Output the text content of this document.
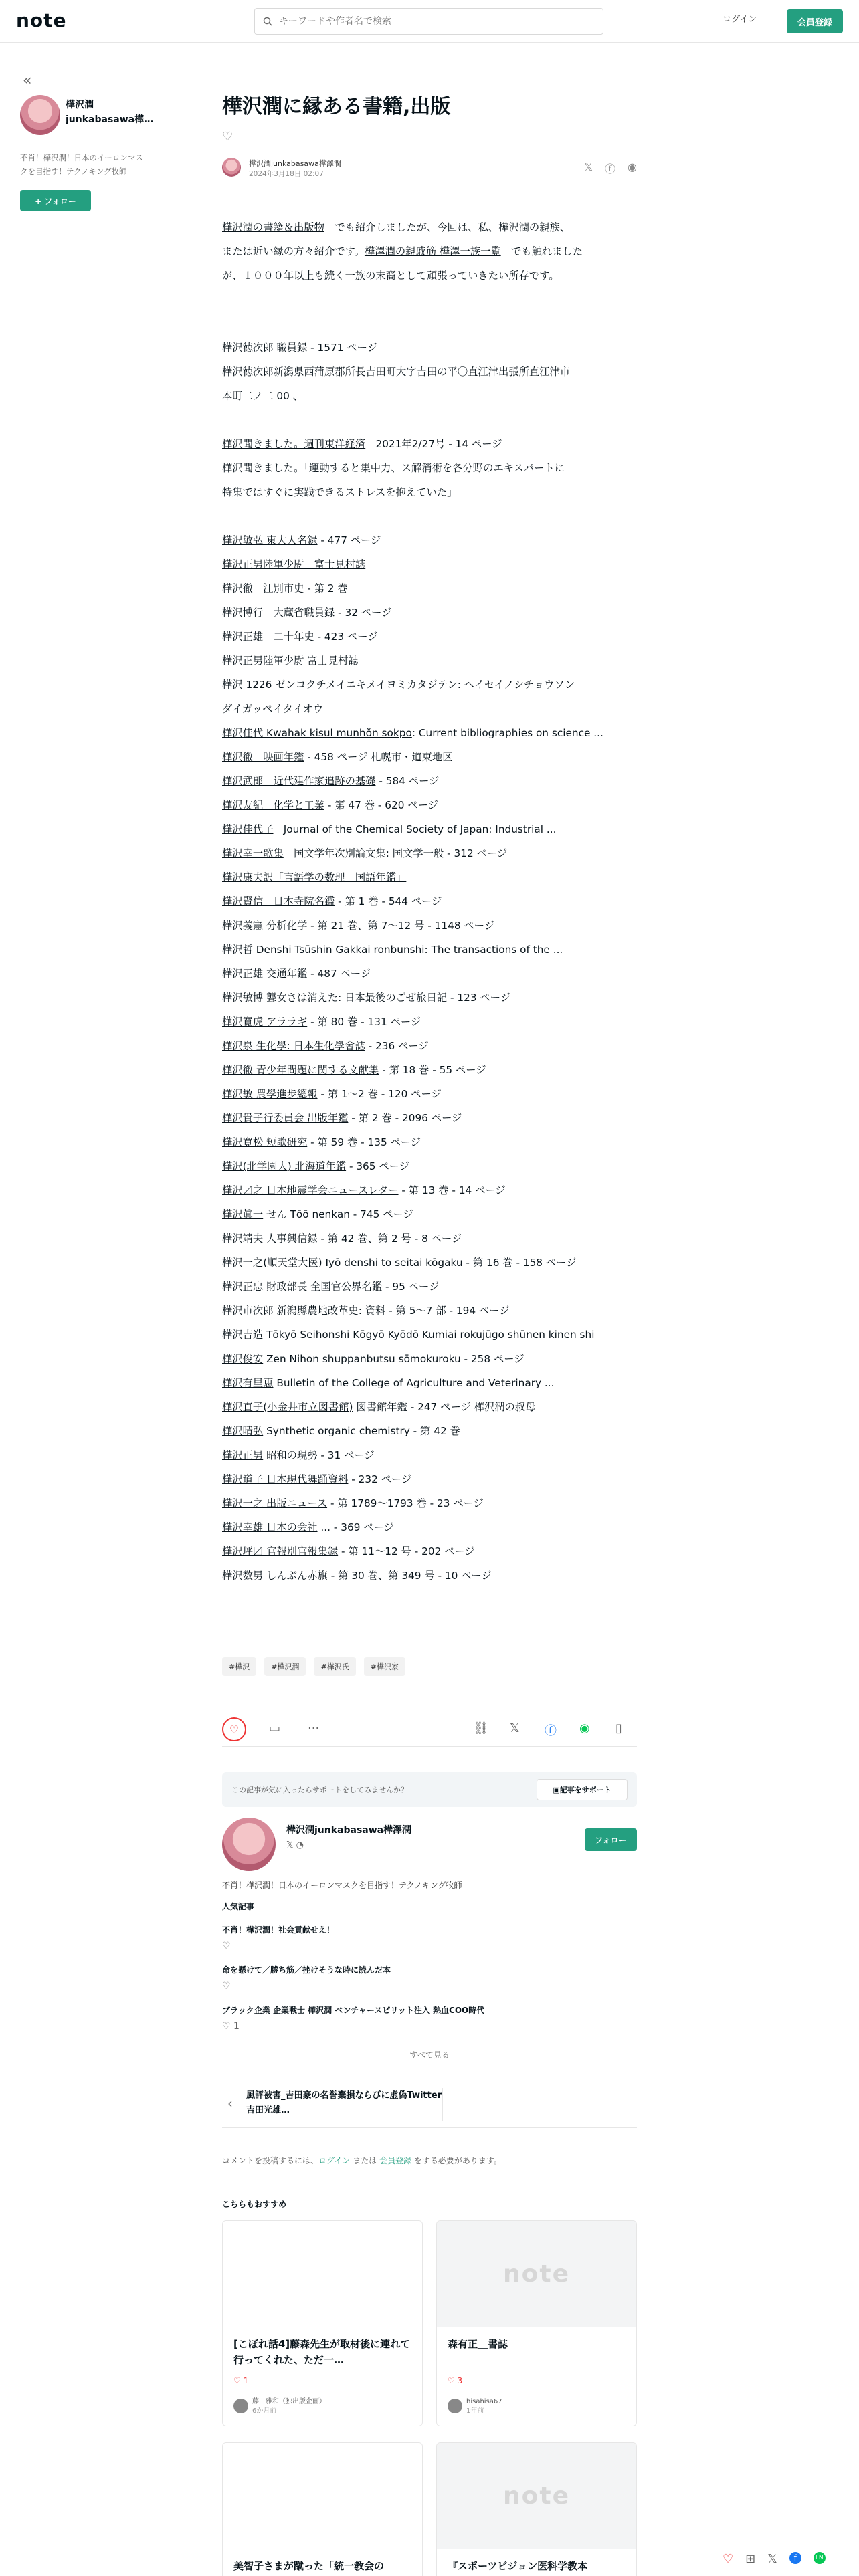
note
キーワードや作者名で検索	ログイン	会員登録
«
樺沢潤
junkabasawa樺…
不肖！樺沢潤！日本のイーロンマスクを目指す！テクノキング牧師
+ フォロー
樺沢潤に縁ある書籍,出版
♡
樺沢潤junkabasawa樺澤潤
2024年3月18日 02:07
𝕏 ⓕ ◉

樺沢潤の書籍＆出版物　でも紹介しましたが、今回は、私、樺沢潤の親族、
または近い縁の方々紹介です。樺澤潤の親戚筋 樺澤一族一覧　でも触れました
が、１０００年以上も続く一族の末裔として頑張っていきたい所存です。

樺沢徳次郎 職員録 - 1571 ページ
樺沢徳次郎新潟県西蒲原郡所長吉田町大字吉田の平〇直江津出張所直江津市
本町二ノ二 00 、

樺沢聞きました。週刊東洋経済　2021年2/27号 - 14 ページ
樺沢聞きました。「運動すると集中力、ス解消術を各分野のエキスパートに
特集ではすぐに実践できるストレスを抱えていた」

樺沢敏弘 東大人名録 - 477 ページ
樺沢正男陸軍少尉　富士見村誌
樺沢徹　江別市史 - 第 2 巻
樺沢博行　大蔵省職員録 - 32 ページ
樺沢正雄　二十年史 - 423 ページ
樺沢正男陸軍少尉 富士見村誌
樺沢 1226 ゼンコクチメイエキメイヨミカタジテン: ヘイセイノシチョウソン
ダイガッペイタイオウ
樺沢佳代 Kwahak kisul munhŏn sokpo: Current bibliographies on science ...
樺沢徹　映画年鑑 - 458 ページ 札幌市・道東地区
樺沢武郎　近代建作家追跡の基礎 - 584 ページ
樺沢友紀　化学と工業 - 第 47 巻 - 620 ページ
樺沢佳代子　Journal of the Chemical Society of Japan: Industrial ...
樺沢幸一歌集　国文学年次別論文集: 国文学一般 - 312 ページ
樺沢康夫訳「言語学の数理　国語年鑑」
樺沢賢信　日本寺院名鑑 - 第 1 巻 - 544 ページ
樺沢義憲 分析化学 - 第 21 巻、第 7〜12 号 - 1148 ページ
樺沢哲 Denshi Tsūshin Gakkai ronbunshi: The transactions of the ...
樺沢正雄 交通年鑑 - 487 ページ
樺沢敏博 聾女さは消えた: 日本最後のごぜ旅日記 - 123 ページ
樺沢寛虎 アララギ - 第 80 巻 - 131 ページ
樺沢泉 生化學: 日本生化學會誌 - 236 ページ
樺沢徹 青少年問題に関する文献集 - 第 18 巻 - 55 ページ
樺沢敏 農學進歩總報 - 第 1〜2 巻 - 120 ページ
樺沢貴子行委員会 出版年鑑 - 第 2 巻 - 2096 ページ
樺沢寛松 短歌研究 - 第 59 巻 - 135 ページ
樺沢(北学園大) 北海道年鑑 - 365 ページ
樺沢〼之 日本地震学会ニュースレター - 第 13 巻 - 14 ページ
樺沢眞一 せん Tōō nenkan - 745 ページ
樺沢靖夫 人事興信録 - 第 42 巻、第 2 号 - 8 ページ
樺沢一之(順天堂大医) Iyō denshi to seitai kōgaku - 第 16 巻 - 158 ページ
樺沢正忠 財政部長 全国官公界名鑑 - 95 ページ
樺沢市次郎 新潟縣農地改革史: 資料 - 第 5〜7 部 - 194 ページ
樺沢吉造 Tōkyō Seihonshi Kōgyō Kyōdō Kumiai rokujūgo shūnen kinen shi
樺沢俊安 Zen Nihon shuppanbutsu sōmokuroku - 258 ページ
樺沢有里恵 Bulletin of the College of Agriculture and Veterinary ...
樺沢直子(小金井市立図書館) 図書館年鑑 - 247 ページ 樺沢潤の叔母
樺沢晴弘 Synthetic organic chemistry - 第 42 巻
樺沢正男 昭和の現勢 - 31 ページ
樺沢道子 日本現代舞踊資料 - 232 ページ
樺沢一之 出版ニュース - 第 1789〜1793 巻 - 23 ページ
樺沢幸雄 日本の会社 ... - 369 ページ
樺沢坪〼 官報別官報集録 - 第 11〜12 号 - 202 ページ
樺沢数男 しんぶん赤旗 - 第 30 巻、第 349 号 - 10 ページ
#樺沢	#樺沢潤	#樺沢氏	#樺沢家
♡	▭ ···	⛓ 𝕏 ⓕ ◉ ▯
この記事が気に入ったらサポートをしてみませんか？	▣ 記事をサポート
樺沢潤junkabasawa樺澤潤
𝕏 ◔
フォロー
不肖！樺沢潤！日本のイーロンマスクを目指す！テクノキング牧師
人気記事
不肖！樺沢潤！社会貢献せえ！
♡
命を懸けて／勝ち筋／挫けそうな時に読んだ本
♡
ブラック企業 企業戦士 樺沢潤 ベンチャースピリット注入 熱血COO時代
♡ 1
すべて見る
‹	風評被害_吉田豪の名誉棄損ならびに虚偽Twitter吉田光雄…
コメントを投稿するには、ログイン または 会員登録 をする必要があります。
こちらもおすすめ
[こぼれ話4]藤森先生が取材後に連れて行ってくれた、ただ一…
♡ 1
藤　雅和（独出版企画）
6か月前
note
森有正＿書誌
♡ 3
hisahisa67
1年前
美智子さまが蹴った「統一教会の
note
『スポーツビジョン医科学教本	♡ ⊞ 𝕏	f	LN
